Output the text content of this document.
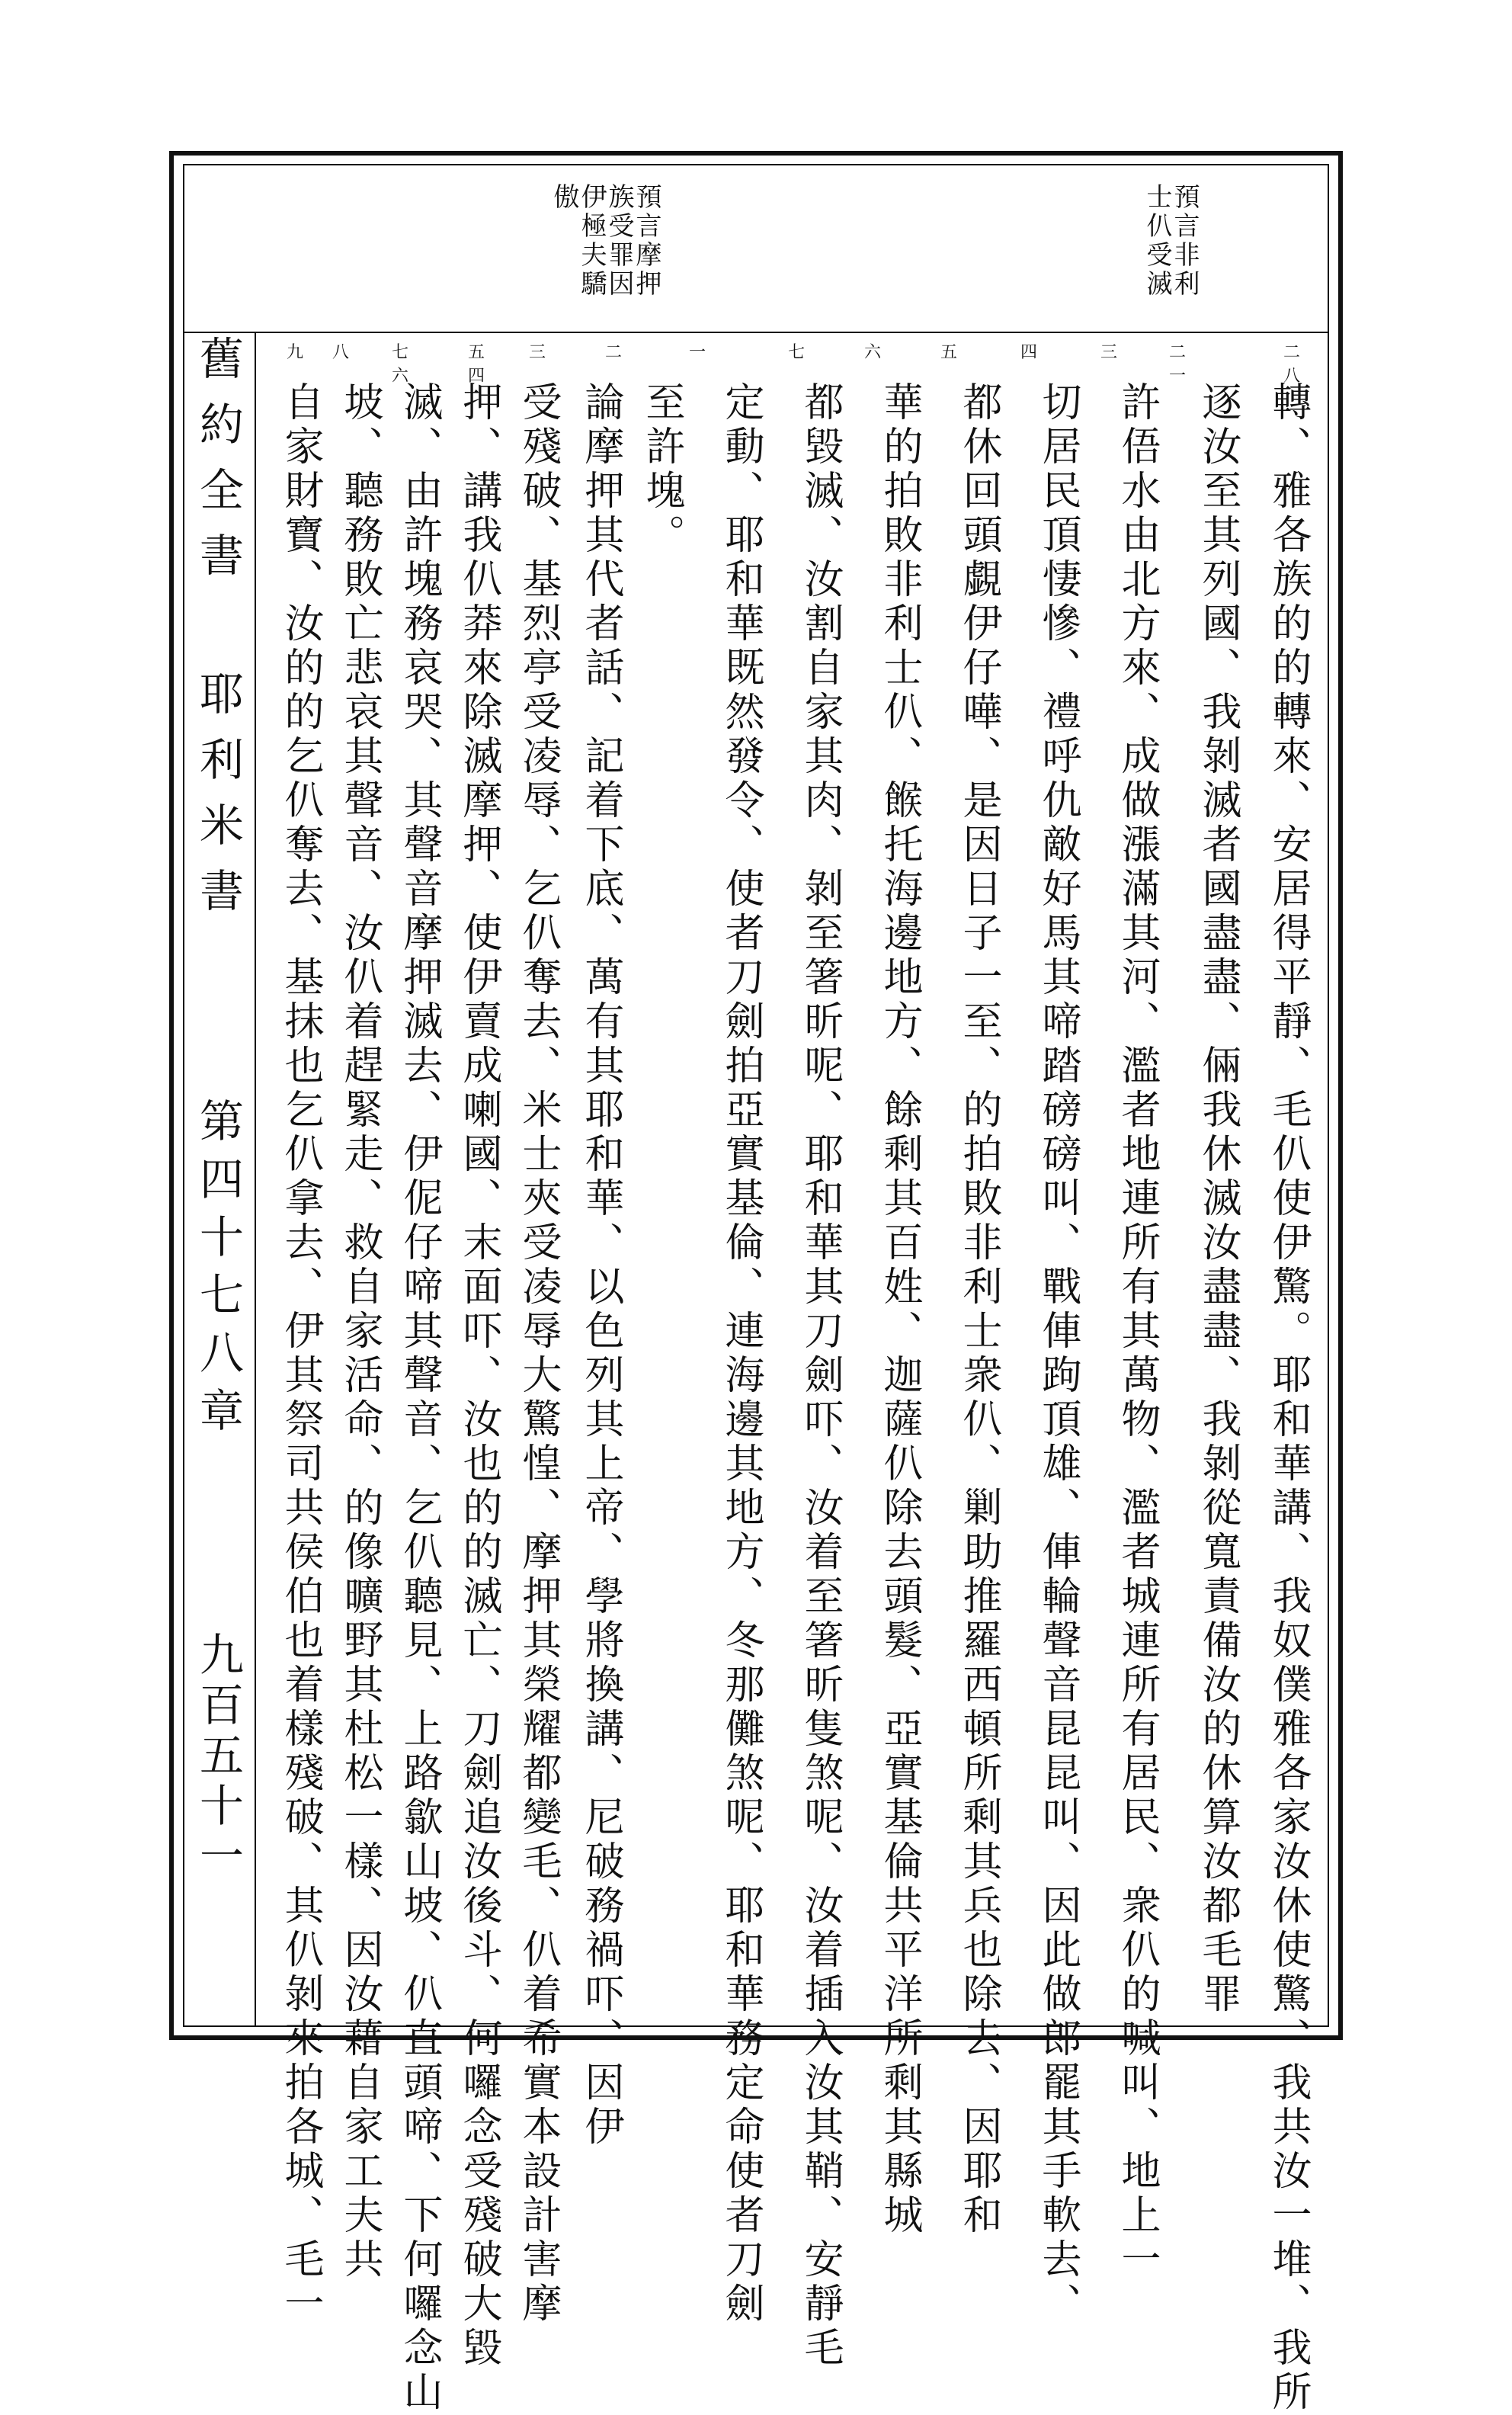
預言摩押
族受罪因
伊極夫驕
傲	預言非利
士仈受滅
九 八	七六
五四
三	二	一	七	六	五	四	三	二一
二八
轉、雅各族的的轉來、安居得平靜、毛仈使伊驚。耶和華講、我奴僕雅各家汝休使驚、我共汝一堆、我所
逐汝至其列國、我剝滅者國盡盡、倆我休滅汝盡盡、我剝從寬責備汝的休算汝都毛罪
許俉水由北方來、成做漲滿其河、濫者地連所有其萬物、濫者城連所有居民、衆仈的喊叫、地上一
切居民頂悽慘、禮呼仇敵好馬其啼踏磅磅叫、戰俥跔頂雄、俥輪聲音昆昆叫、因此做郎罷其手軟去、
都休回頭覷伊仔嘩、是因日子一至、的拍敗非利士衆仈、剿助推羅西頓所剩其兵也除去、因耶和
華的拍敗非利士仈、餱托海邊地方、餘剩其百姓、迦薩仈除去頭髮、亞實基倫共平洋所剩其縣城
都毀滅、汝割自家其肉、剝至箸昕呢、耶和華其刀劍吓、汝着至箸昕隻煞呢、汝着插入汝其鞘、安靜毛
定動、耶和華既然發令、使者刀劍拍亞實基倫、連海邊其地方、冬那儺煞呢、耶和華務定命使者刀劍
至許塊。
論摩押其代者話、記着下底、萬有其耶和華、以色列其上帝、學將換講、尼破務禍吓、因伊
受殘破、基烈亭受凌辱、乞仈奪去、米士夾受凌辱大驚惶、摩押其榮耀都變毛、仈着希實本設計害摩
押、講我仈莽來除滅摩押、使伊賣成喇國、末面吓、汝也的的滅亡、刀劍追汝後斗、何囉念受殘破大毀
滅、由許塊務哀哭、其聲音摩押滅去、伊伲仔啼其聲音、乞仈聽見、上路歙山坡、仈直頭啼、下何囉念山
坡、聽務敗亡悲哀其聲音、汝仈着趕緊走、救自家活命、的像曠野其杜松一樣、因汝藉自家工夫共
自家財寶、汝的的乞仈奪去、基抹也乞仈拿去、伊其祭司共侯伯也着樣殘破、其仈剝來拍各城、毛一
舊約全書
耶利米書
第四十七八章
九百五十一
